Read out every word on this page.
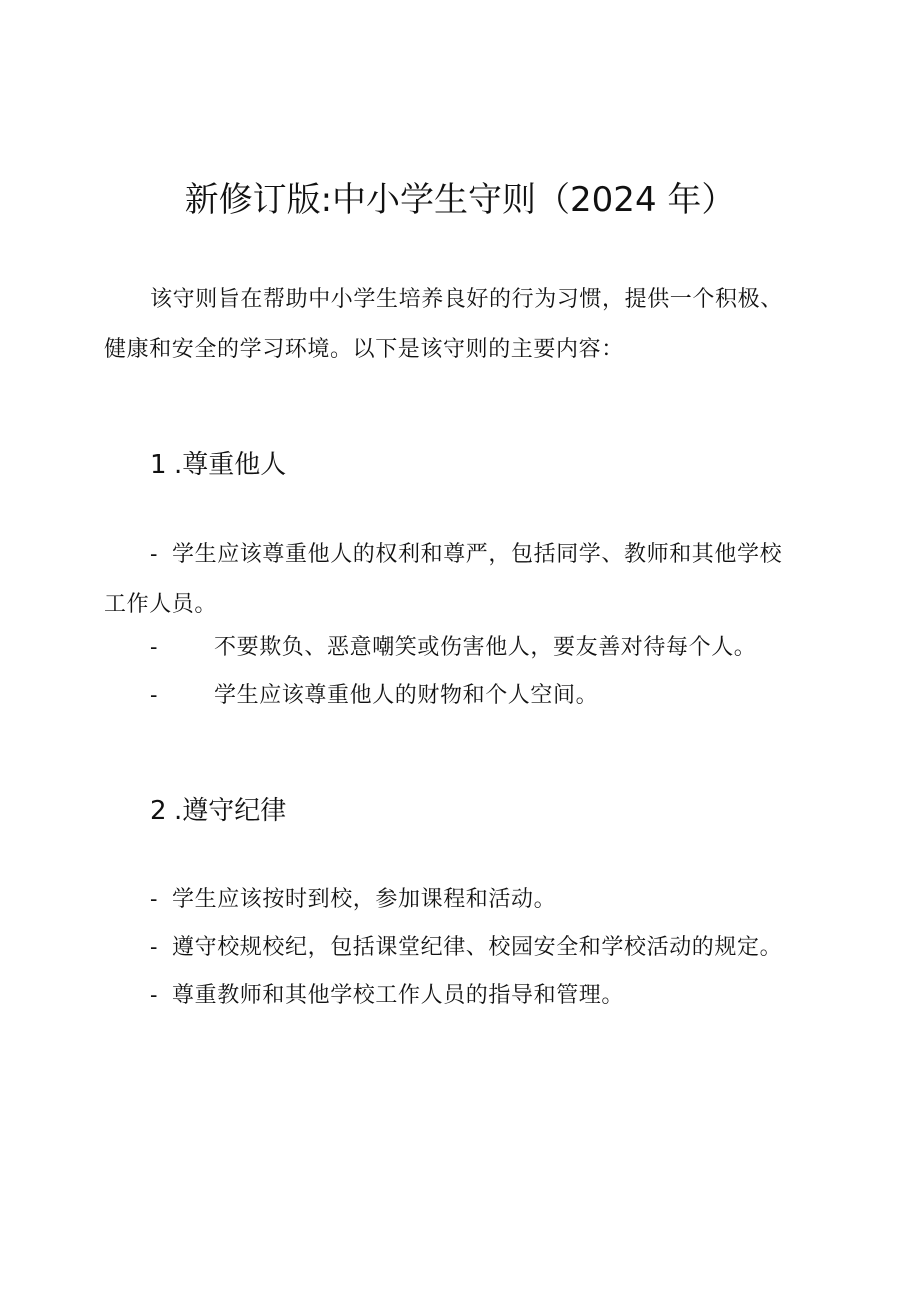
新修订版:中小学生守则（2024 年）
该守则旨在帮助中小学生培养良好的行为习惯，提供一个积极、
健康和安全的学习环境。以下是该守则的主要内容：
1 .尊重他人
- 学生应该尊重他人的权利和尊严，包括同学、教师和其他学校
工作人员。
-	不要欺负、恶意嘲笑或伤害他人，要友善对待每个人。
-	学生应该尊重他人的财物和个人空间。
2 .遵守纪律
- 学生应该按时到校，参加课程和活动。
- 遵守校规校纪，包括课堂纪律、校园安全和学校活动的规定。
- 尊重教师和其他学校工作人员的指导和管理。
